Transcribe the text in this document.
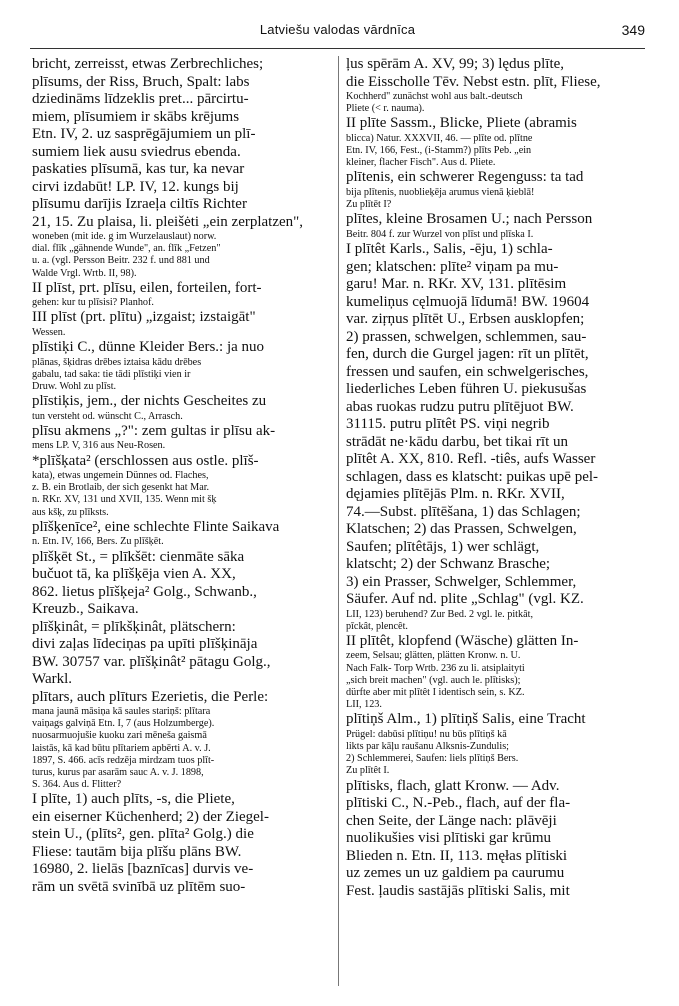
Latviešu valodas vārdnīca	349
bricht, zerreisst, etwas Zerbrechliches;
plīsums, der Riss, Bruch, Spalt: labs
dziedināms līdzeklis pret... pārcirtu-
miem, plīsumiem ir skābs krējums
Etn. IV, 2. uz sasprēgājumiem un plī-
sumiem liek ausu sviedrus ebenda.
paskaties plīsumā, kas tur, ka nevar
cirvi izdabūt! LP. IV, 12. kungs bij
plīsumu darījis Izraeļa ciltīs Richter
21, 15. Zu plaisa, li. pleišėti „ein zerplatzen",
woneben (mit ide. g im Wurzelauslaut) norw.
dial. flīk „gähnende Wunde", an. flīk „Fetzen"
u. a. (vgl. Persson Beitr. 232 f. und 881 und
Walde Vrgl. Wrtb. II, 98).
II plīst, prt. plīsu, eilen, forteilen, fort-
gehen: kur tu plīsisi? Planhof.
III plīst (prt. plītu) „izgaist; izstaigāt"
Wessen.
plīstiķi C., dünne Kleider Bers.: ja nuo
plānas, šķidras drēbes iztaisa kādu drēbes
gabalu, tad saka: tie tādi plīstiķi vien ir
Druw. Wohl zu plīst.
plīstiķis, jem., der nichts Gescheites zu
tun versteht od. wünscht C., Arrasch.
plīsu akmens „?": zem gultas ir plīsu ak-
mens LP. V, 316 aus Neu-Rosen.
*plīšķata² (erschlossen aus ostle. plīš-
kata), etwas ungemein Dünnes od. Flaches,
z. B. ein Brotlaib, der sich gesenkt hat Mar.
n. RKr. XV, 131 und XVII, 135. Wenn mit šķ
aus kšķ, zu plīksts.
plīšķenīce², eine schlechte Flinte Saikava
n. Etn. IV, 166, Bers. Zu plīšķēt.
plīšķēt St., = plīkšēt: cienmāte sāka
bučuot tā, ka plīšķēja vien A. XX,
862. lietus plīšķeja² Golg., Schwanb.,
Kreuzb., Saikava.
plīšķinât, = plīkšķinât, plätschern:
divi zaļas līdeciņas pa upīti plīšķināja
BW. 30757 var. plīšķinât² pātagu Golg.,
Warkl.
plītars, auch plīturs Ezerietis, die Perle:
mana jaunā māsiņa kā saules stariņš: plītara
vaiņags galviņā Etn. I, 7 (aus Holzumberge).
nuosarmuojušie kuoku zari mēneša gaismā
laistās, kā kad būtu plītariem apbērti A. v. J.
1897, S. 466. acīs redzēja mirdzam tuos plīt-
turus, kurus par asarām sauc A. v. J. 1898,
S. 364. Aus d. Flitter?
I plīte, 1) auch plīts, -s, die Pliete,
ein eiserner Küchenherd; 2) der Ziegel-
stein U., (plīts², gen. plīta² Golg.) die
Fliese: tautām bija plīšu plāns BW.
16980, 2. lielās [baznīcas] durvis ve-
rām un svētā svinībā uz plītēm suo-
ļus spērām A. XV, 99; 3) lędus plīte,
die Eisscholle Tēv. Nebst estn. plīt, Fliese,
Kochherd" zunächst wohl aus balt.-deutsch
Pliete (< r. nauma).
II plīte Sassm., Blicke, Pliete (abramis
blicca) Natur. XXXVII, 46. — plīte od. plītne
Etn. IV, 166, Fest., (i-Stamm?) plīts Peb. „ein
kleiner, flacher Fisch". Aus d. Pliete.
plītenis, ein schwerer Regenguss: ta tad
bija plītenis, nuoblieķēja arumus vienā ķieblā!
Zu plītēt I?
plītes, kleine Brosamen U.; nach Persson
Beitr. 804 f. zur Wurzel von plīst und plīska I.
I plītêt Karls., Salis, -ēju, 1) schla-
gen; klatschen: plīte² viņam pa mu-
garu! Mar. n. RKr. XV, 131. plītēsim
kumeliņus cęlmuojā līdumā! BW. 19604
var. ziŗņus plītēt U., Erbsen ausklopfen;
2) prassen, schwelgen, schlemmen, sau-
fen, durch die Gurgel jagen: rīt un plītēt,
fressen und saufen, ein schwelgerisches,
liederliches Leben führen U. piekusušas
abas ruokas rudzu putru plītējuot BW.
31115. putru plītêt PS. viņi negrib
strādāt ne·kādu darbu, bet tikai rīt un
plītêt A. XX, 810. Refl. -tiês, aufs Wasser
schlagen, dass es klatscht: puikas upē pel-
dęjamies plītējās Plm. n. RKr. XVII,
74.—Subst. plītēšana, 1) das Schlagen;
Klatschen; 2) das Prassen, Schwelgen,
Saufen; plītêtājs, 1) wer schlägt,
klatscht; 2) der Schwanz Brasche;
3) ein Prasser, Schwelger, Schlemmer,
Säufer. Auf nd. plite „Schlag" (vgl. KZ.
LII, 123) beruhend? Zur Bed. 2 vgl. le. pitkât,
pīckât, plencêt.
II plītêt, klopfend (Wäsche) glätten In-
zeem, Selsau; glätten, plätten Kronw. n. U.
Nach Falk- Torp Wrtb. 236 zu li. atsiplaityti
„sich breit machen" (vgl. auch le. plītisks);
dürfte aber mit plītêt I identisch sein, s. KZ.
LII, 123.
plītiņš Alm., 1) plītiņš Salis, eine Tracht
Prügel: dabūsi plītiņu! nu būs plītiņš kā
likts par kāļu raušanu Alksnis-Zundulis;
2) Schlemmerei, Saufen: liels plītiņš Bers.
Zu plītêt I.
plītisks, flach, glatt Kronw. — Adv.
plītiski C., N.-Peb., flach, auf der fla-
chen Seite, der Länge nach: plāvēji
nuolikušies visi plītiski gar krūmu
Blieden n. Etn. II, 113. męłas plītiski
uz zemes un uz galdiem pa caurumu
Fest. ļaudis sastājās plītiski Salis, mit
